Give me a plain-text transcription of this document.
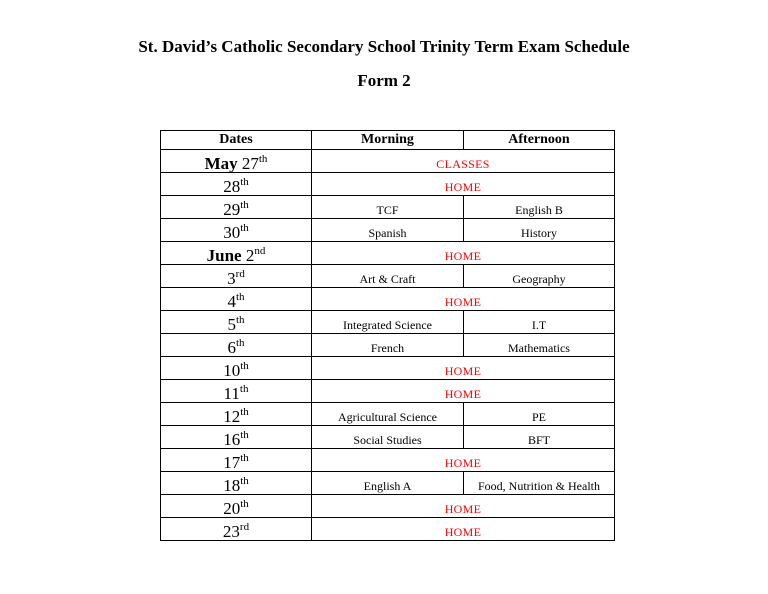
St. David’s Catholic Secondary School Trinity Term Exam Schedule
Form 2
Dates	Morning	Afternoon
May 27th	CLASSES	
28th	HOME	
29th	TCF	English B
30th	Spanish	History
June 2nd	HOME	
3rd	Art & Craft	Geography
4th	HOME	
5th	Integrated Science	I.T
6th	French	Mathematics
10th	HOME	
11th	HOME	
12th	Agricultural Science	PE
16th	Social Studies	BFT
17th	HOME	
18th	English A	Food, Nutrition & Health
20th	HOME	
23rd	HOME	
